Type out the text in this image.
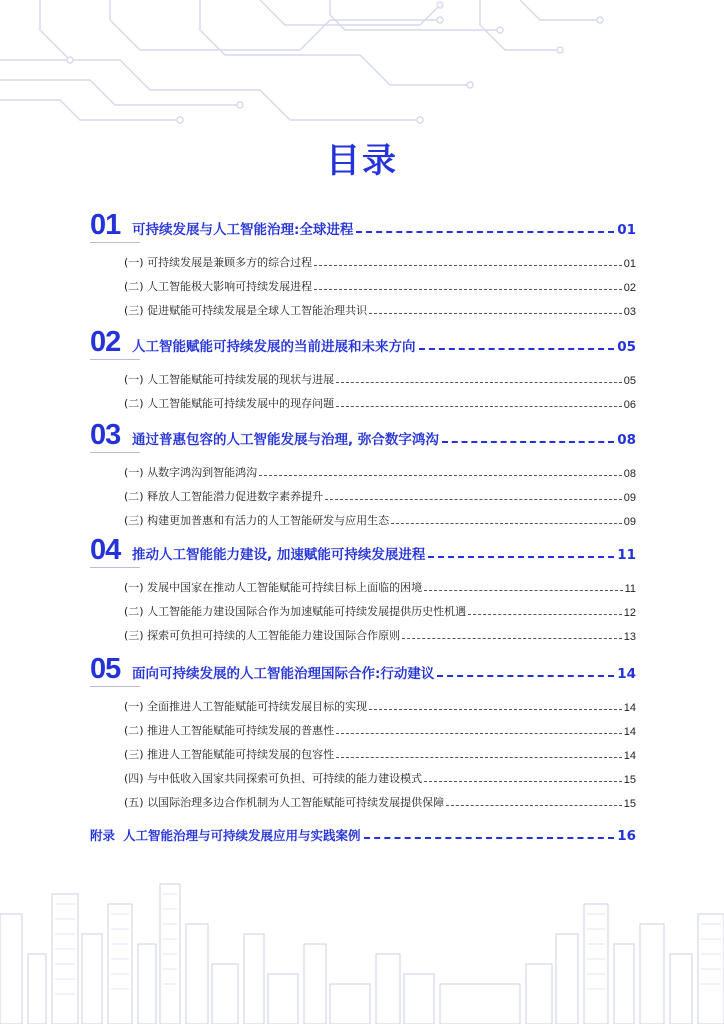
目录
01 可持续发展与人工智能治理:全球进程	01
(一) 可持续发展是兼顾多方的综合过程	01
(二) 人工智能极大影响可持续发展进程	02
(三) 促进赋能可持续发展是全球人工智能治理共识	03
02 人工智能赋能可持续发展的当前进展和未来方向	05
(一) 人工智能赋能可持续发展的现状与进展	05
(二) 人工智能赋能可持续发展中的现存问题	06
03 通过普惠包容的人工智能发展与治理, 弥合数字鸿沟	08
(一) 从数字鸿沟到智能鸿沟	08
(二) 释放人工智能潜力促进数字素养提升	09
(三) 构建更加普惠和有活力的人工智能研发与应用生态	09
04 推动人工智能能力建设, 加速赋能可持续发展进程	11
(一) 发展中国家在推动人工智能赋能可持续目标上面临的困境	11
(二) 人工智能能力建设国际合作为加速赋能可持续发展提供历史性机遇	12
(三) 探索可负担可持续的人工智能能力建设国际合作原则	13
05 面向可持续发展的人工智能治理国际合作:行动建议	14
(一) 全面推进人工智能赋能可持续发展目标的实现	14
(二) 推进人工智能赋能可持续发展的普惠性	14
(三) 推进人工智能赋能可持续发展的包容性	14
(四) 与中低收入国家共同探索可负担、可持续的能力建设模式	15
(五) 以国际治理多边合作机制为人工智能赋能可持续发展提供保障	15
附录 人工智能治理与可持续发展应用与实践案例	16
